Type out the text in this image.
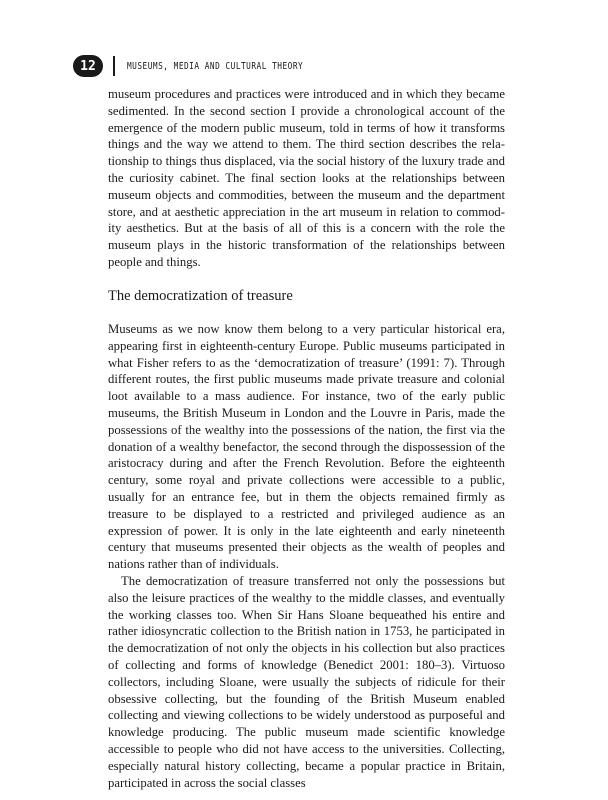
12	MUSEUMS, MEDIA AND CULTURAL THEORY

museum procedures and practices were introduced and in which they became sedimented. In the second section I provide a chronological account of the emergence of the modern public museum, told in terms of how it transforms things and the way we attend to them. The third section describes the relationship to things thus displaced, via the social history of the luxury trade and the curiosity cabinet. The final section looks at the relationships between museum objects and commodities, between the museum and the department store, and at aesthetic appreciation in the art museum in relation to commodity aesthetics. But at the basis of all of this is a concern with the role the museum plays in the historic transformation of the relationships between people and things.

The democratization of treasure

Museums as we now know them belong to a very particular historical era, appearing first in eighteenth-century Europe. Public museums participated in what Fisher refers to as the ‘democratization of treasure’ (1991: 7). Through different routes, the first public museums made private treasure and colonial loot available to a mass audience. For instance, two of the early public museums, the British Museum in London and the Louvre in Paris, made the possessions of the wealthy into the possessions of the nation, the first via the donation of a wealthy benefactor, the second through the dispossession of the aristocracy during and after the French Revolution. Before the eighteenth century, some royal and private collections were accessible to a public, usually for an entrance fee, but in them the objects remained firmly as treasure to be displayed to a restricted and privileged audience as an expression of power. It is only in the late eighteenth and early nineteenth century that museums presented their objects as the wealth of peoples and nations rather than of individuals.

The democratization of treasure transferred not only the possessions but also the leisure practices of the wealthy to the middle classes, and eventually the working classes too. When Sir Hans Sloane bequeathed his entire and rather idiosyncratic collection to the British nation in 1753, he participated in the democratization of not only the objects in his collection but also practices of collecting and forms of knowledge (Benedict 2001: 180–3). Virtuoso collectors, including Sloane, were usually the subjects of ridicule for their obsessive collecting, but the founding of the British Museum enabled collecting and viewing collections to be widely understood as purposeful and knowledge producing. The public museum made scientific knowledge accessible to people who did not have access to the universities. Collecting, especially natural history collecting, became a popular practice in Britain, participated in across the social classes
